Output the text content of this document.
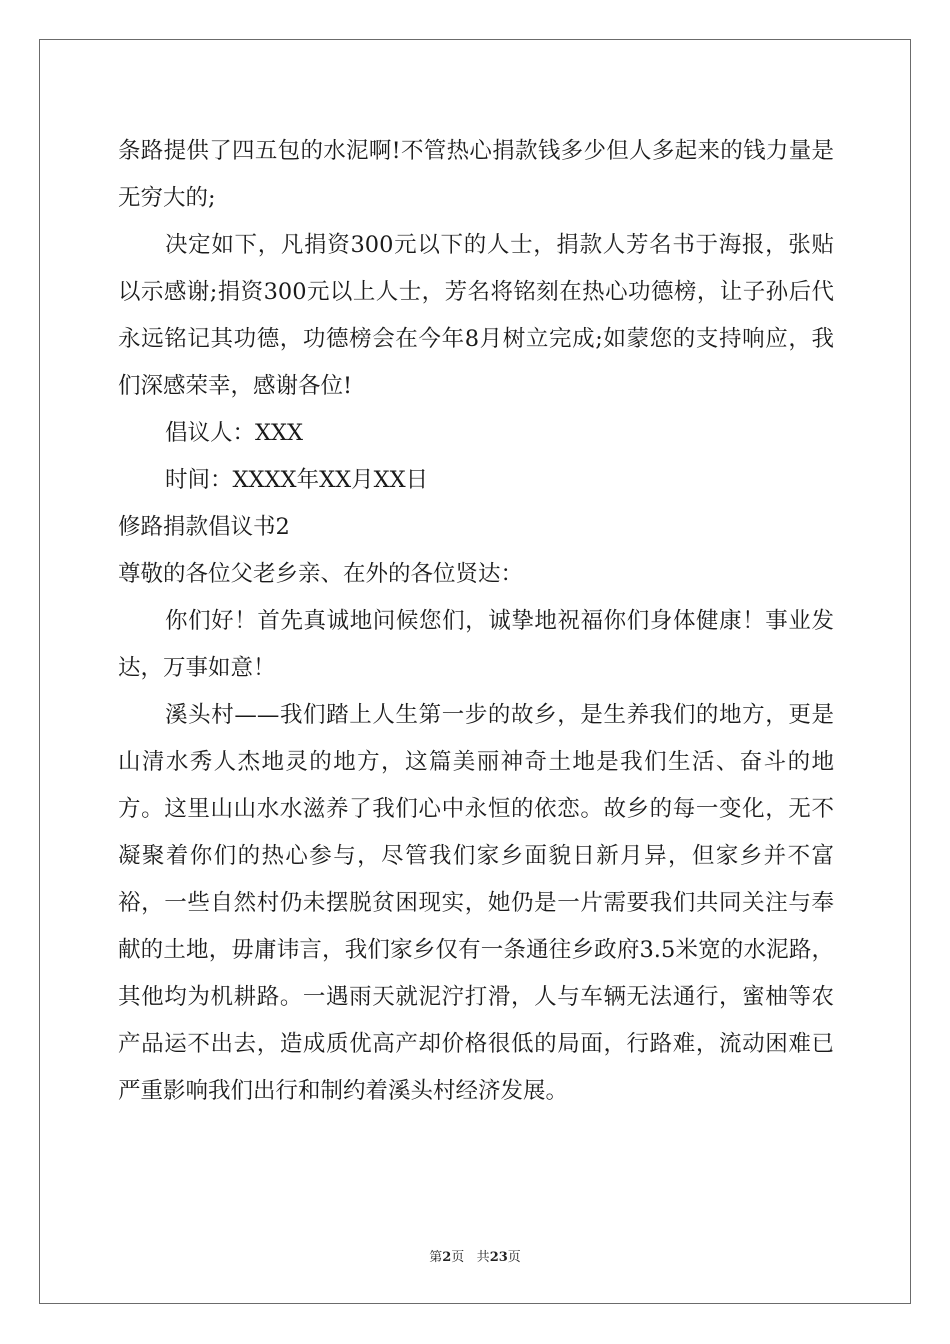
条路提供了四五包的水泥啊!不管热心捐款钱多少但人多起来的钱力量是无穷大的;

决定如下，凡捐资300元以下的人士，捐款人芳名书于海报，张贴以示感谢;捐资300元以上人士，芳名将铭刻在热心功德榜，让子孙后代永远铭记其功德，功德榜会在今年8月树立完成;如蒙您的支持响应，我们深感荣幸，感谢各位!

倡议人：XXX

时间：XXXX年XX月XX日

修路捐款倡议书2

尊敬的各位父老乡亲、在外的各位贤达：

你们好！首先真诚地问候您们，诚挚地祝福你们身体健康！事业发达，万事如意！

溪头村——我们踏上人生第一步的故乡，是生养我们的地方，更是山清水秀人杰地灵的地方，这篇美丽神奇土地是我们生活、奋斗的地方。这里山山水水滋养了我们心中永恒的依恋。故乡的每一变化，无不凝聚着你们的热心参与，尽管我们家乡面貌日新月异，但家乡并不富裕，一些自然村仍未摆脱贫困现实，她仍是一片需要我们共同关注与奉献的土地，毋庸讳言，我们家乡仅有一条通往乡政府3.5米宽的水泥路，其他均为机耕路。一遇雨天就泥泞打滑，人与车辆无法通行，蜜柚等农产品运不出去，造成质优高产却价格很低的局面，行路难，流动困难已严重影响我们出行和制约着溪头村经济发展。

第2页 共23页
